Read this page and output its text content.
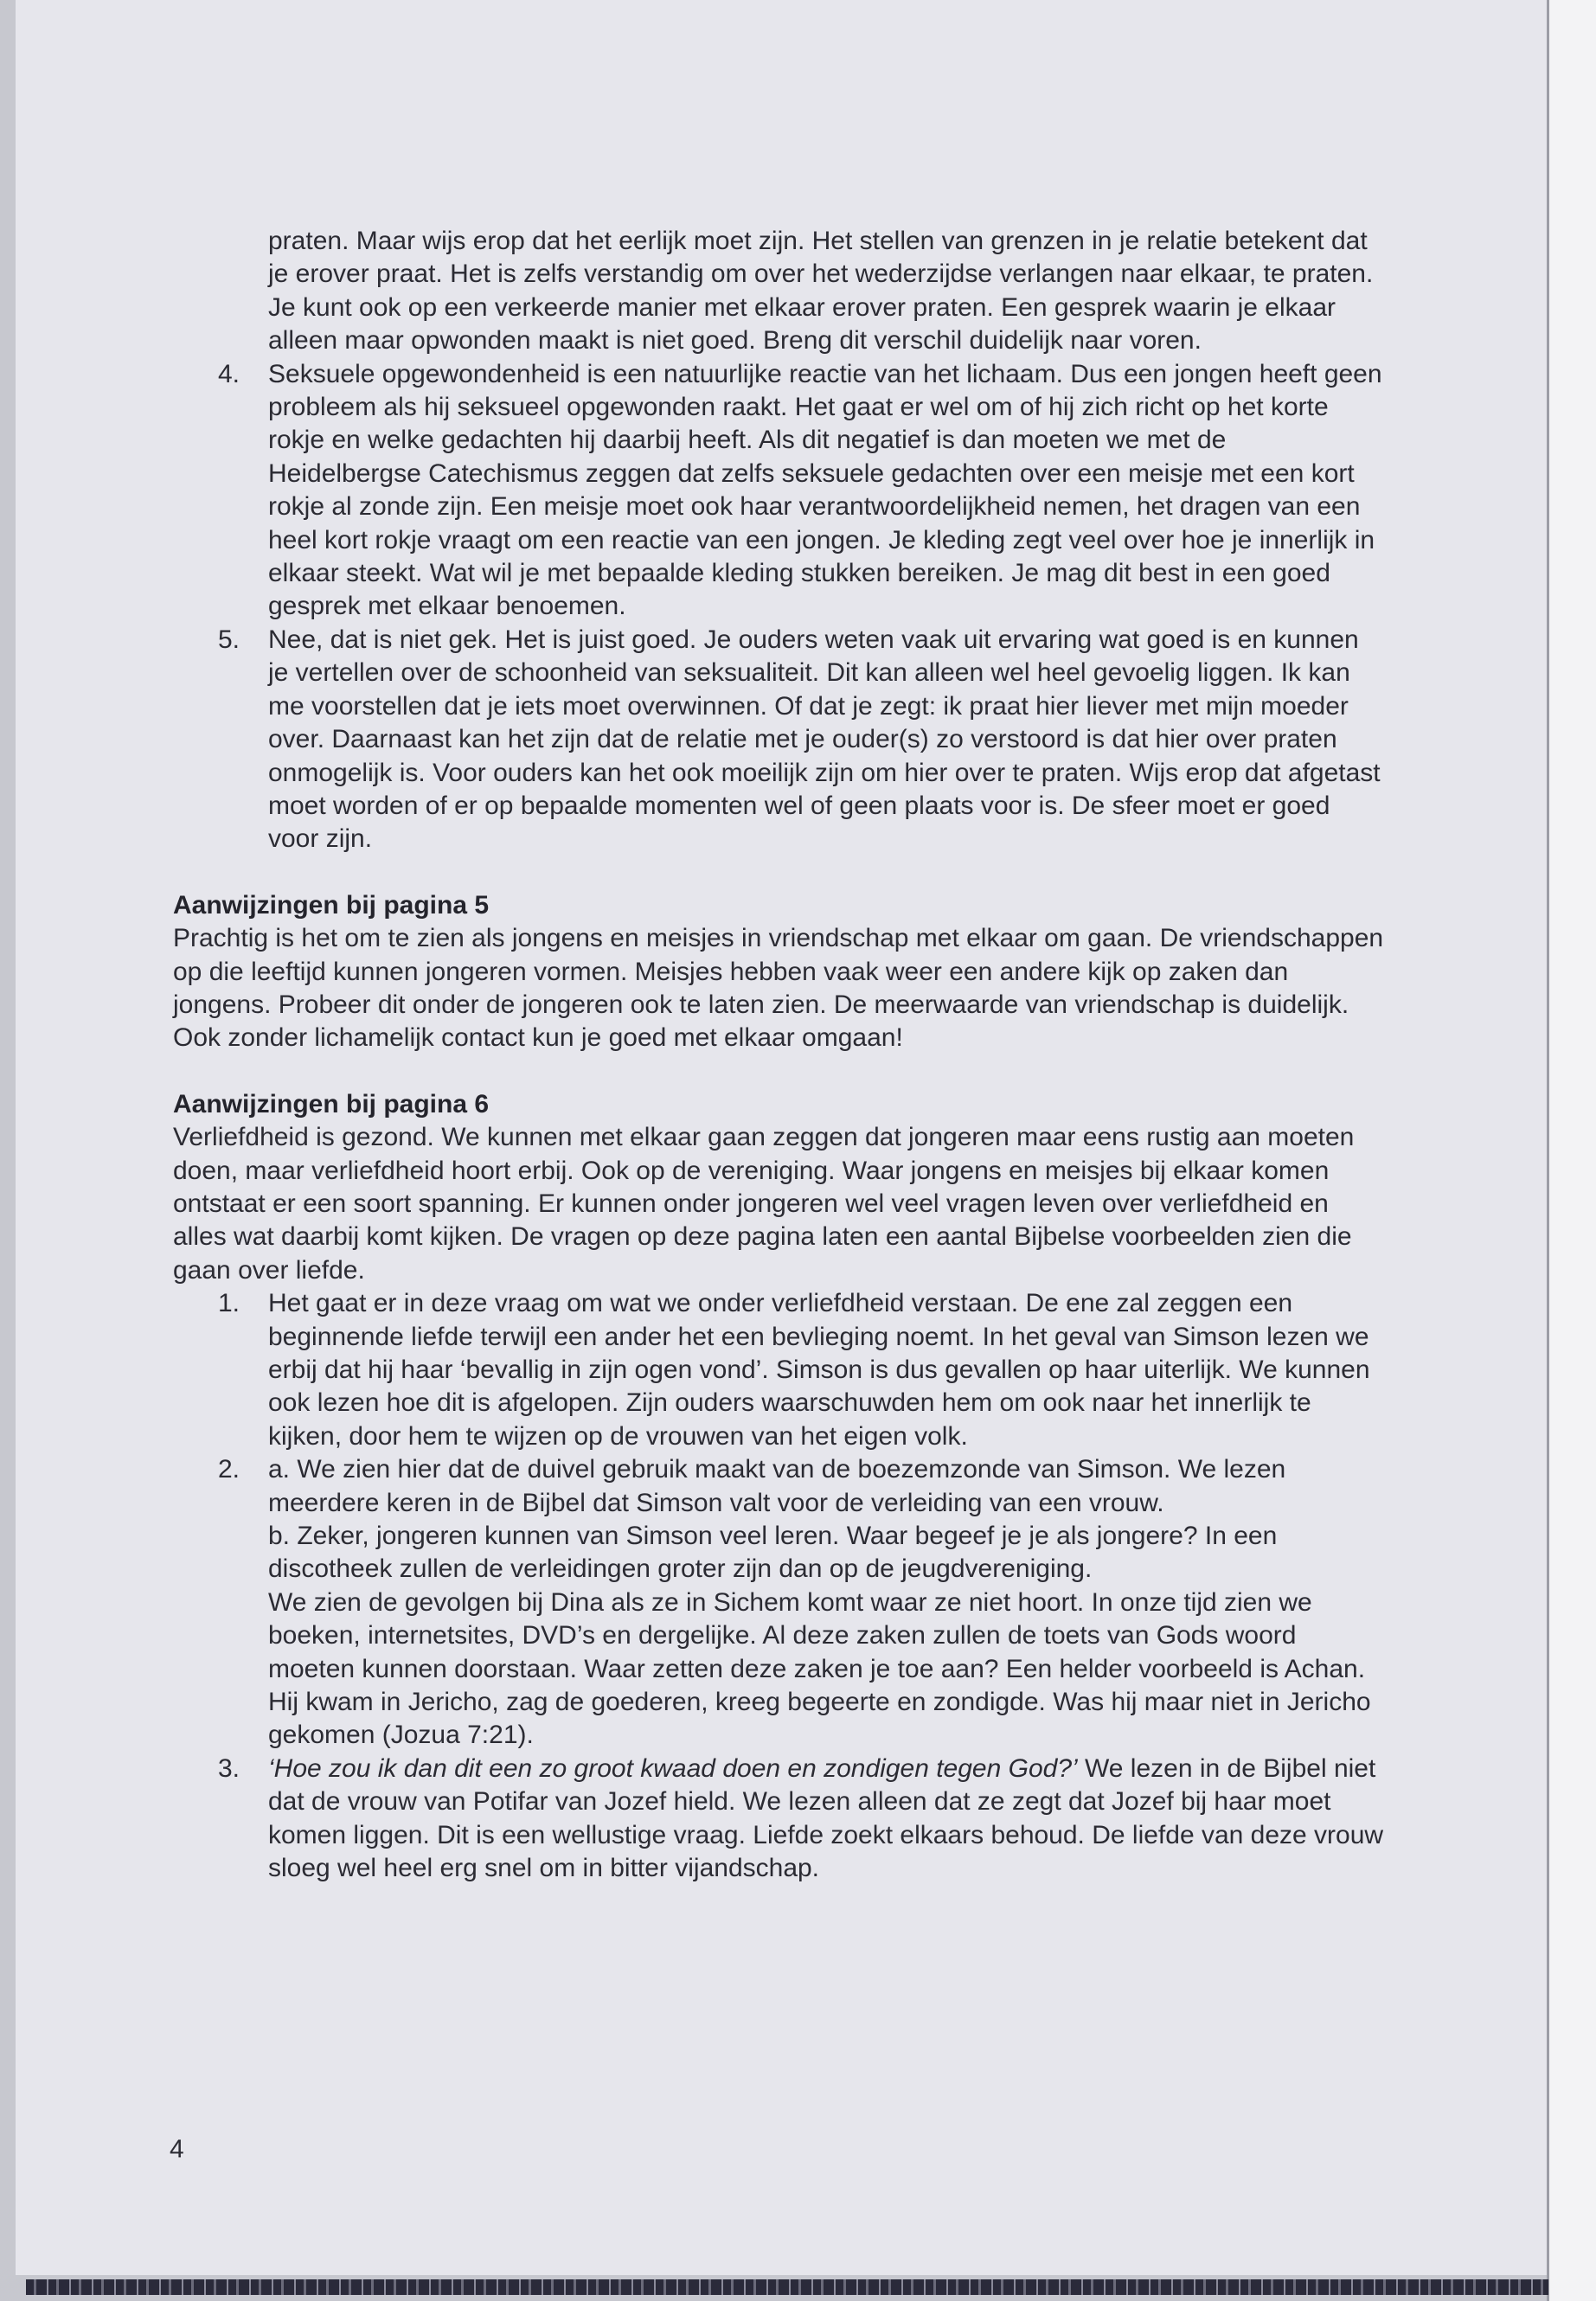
praten. Maar wijs erop dat het eerlijk moet zijn. Het stellen van grenzen in je relatie betekent dat je erover praat. Het is zelfs verstandig om over het wederzijdse verlangen naar elkaar, te praten. Je kunt ook op een verkeerde manier met elkaar erover praten. Een gesprek waarin je elkaar alleen maar opwonden maakt is niet goed. Breng dit verschil duidelijk naar voren.

4. Seksuele opgewondenheid is een natuurlijke reactie van het lichaam. Dus een jongen heeft geen probleem als hij seksueel opgewonden raakt. Het gaat er wel om of hij zich richt op het korte rokje en welke gedachten hij daarbij heeft. Als dit negatief is dan moeten we met de Heidelbergse Catechismus zeggen dat zelfs seksuele gedachten over een meisje met een kort rokje al zonde zijn. Een meisje moet ook haar verantwoordelijkheid nemen, het dragen van een heel kort rokje vraagt om een reactie van een jongen. Je kleding zegt veel over hoe je innerlijk in elkaar steekt. Wat wil je met bepaalde kleding stukken bereiken. Je mag dit best in een goed gesprek met elkaar benoemen.
5. Nee, dat is niet gek. Het is juist goed. Je ouders weten vaak uit ervaring wat goed is en kunnen je vertellen over de schoonheid van seksualiteit. Dit kan alleen wel heel gevoelig liggen. Ik kan me voorstellen dat je iets moet overwinnen. Of dat je zegt: ik praat hier liever met mijn moeder over. Daarnaast kan het zijn dat de relatie met je ouder(s) zo verstoord is dat hier over praten onmogelijk is. Voor ouders kan het ook moeilijk zijn om hier over te praten. Wijs erop dat afgetast moet worden of er op bepaalde momenten wel of geen plaats voor is. De sfeer moet er goed voor zijn.

Aanwijzingen bij pagina 5

Prachtig is het om te zien als jongens en meisjes in vriendschap met elkaar om gaan. De vriendschappen op die leeftijd kunnen jongeren vormen. Meisjes hebben vaak weer een andere kijk op zaken dan jongens. Probeer dit onder de jongeren ook te laten zien. De meerwaarde van vriendschap is duidelijk. Ook zonder lichamelijk contact kun je goed met elkaar omgaan!

Aanwijzingen bij pagina 6

Verliefdheid is gezond. We kunnen met elkaar gaan zeggen dat jongeren maar eens rustig aan moeten doen, maar verliefdheid hoort erbij. Ook op de vereniging. Waar jongens en meisjes bij elkaar komen ontstaat er een soort spanning. Er kunnen onder jongeren wel veel vragen leven over verliefdheid en alles wat daarbij komt kijken. De vragen op deze pagina laten een aantal Bijbelse voorbeelden zien die gaan over liefde.

1. Het gaat er in deze vraag om wat we onder verliefdheid verstaan. De ene zal zeggen een beginnende liefde terwijl een ander het een bevlieging noemt. In het geval van Simson lezen we erbij dat hij haar ‘bevallig in zijn ogen vond’. Simson is dus gevallen op haar uiterlijk. We kunnen ook lezen hoe dit is afgelopen. Zijn ouders waarschuwden hem om ook naar het innerlijk te kijken, door hem te wijzen op de vrouwen van het eigen volk.
2. a. We zien hier dat de duivel gebruik maakt van de boezemzonde van Simson. We lezen meerdere keren in de Bijbel dat Simson valt voor de verleiding van een vrouw.

b. Zeker, jongeren kunnen van Simson veel leren. Waar begeef je je als jongere? In een discotheek zullen de verleidingen groter zijn dan op de jeugdvereniging.

We zien de gevolgen bij Dina als ze in Sichem komt waar ze niet hoort. In onze tijd zien we boeken, internetsites, DVD’s en dergelijke. Al deze zaken zullen de toets van Gods woord moeten kunnen doorstaan. Waar zetten deze zaken je toe aan? Een helder voorbeeld is Achan. Hij kwam in Jericho, zag de goederen, kreeg begeerte en zondigde. Was hij maar niet in Jericho gekomen (Jozua 7:21).

3. ‘Hoe zou ik dan dit een zo groot kwaad doen en zondigen tegen God?’ We lezen in de Bijbel niet dat de vrouw van Potifar van Jozef hield. We lezen alleen dat ze zegt dat Jozef bij haar moet komen liggen. Dit is een wellustige vraag. Liefde zoekt elkaars behoud. De liefde van deze vrouw sloeg wel heel erg snel om in bitter vijandschap.
4
